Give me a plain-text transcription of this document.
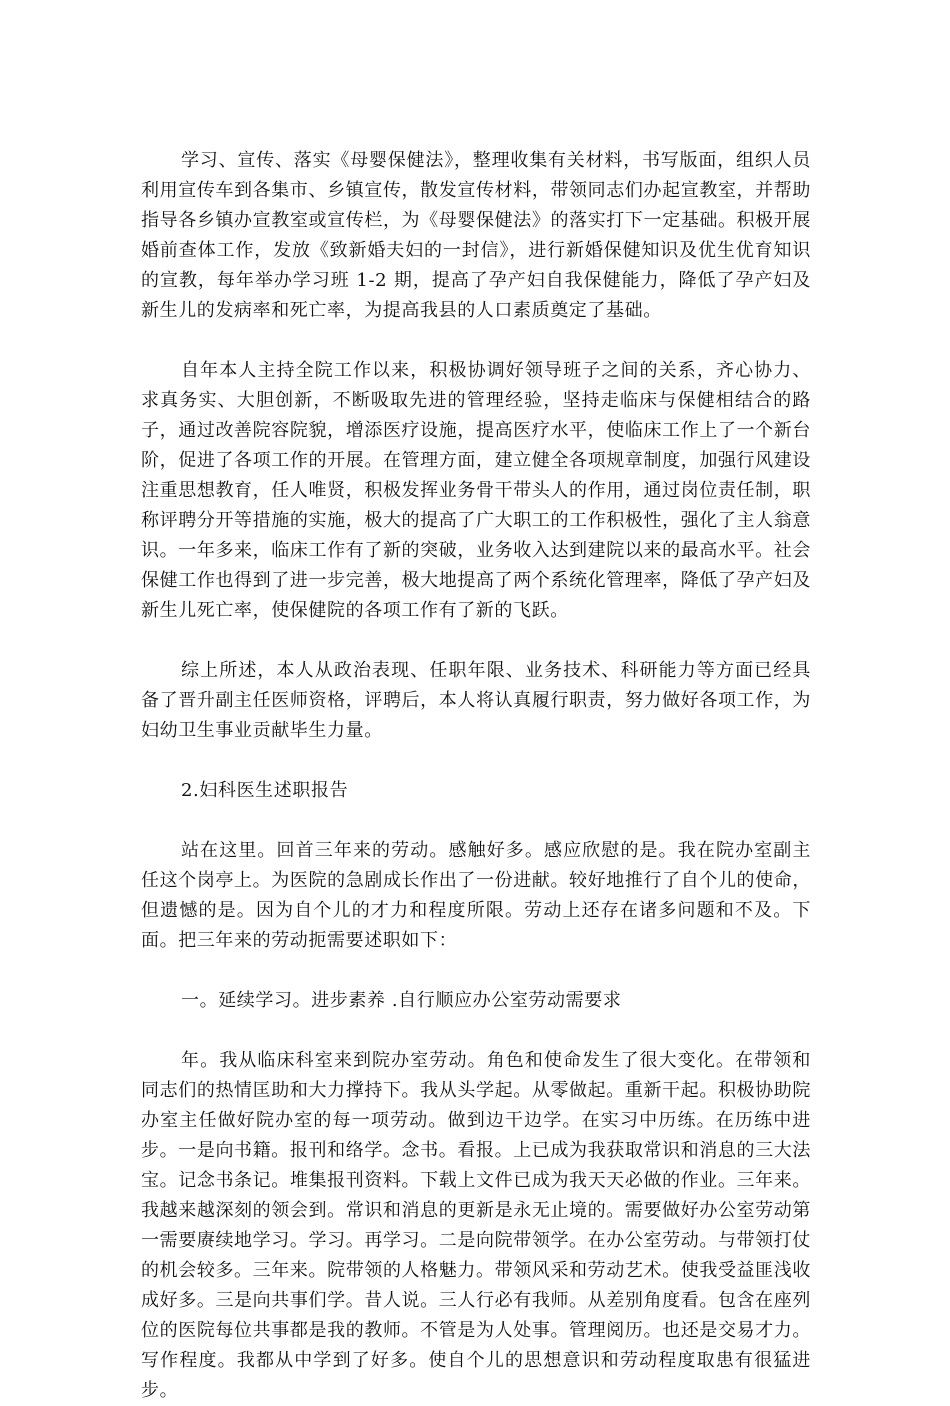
学习、宣传、落实《母婴保健法》，整理收集有关材料，书写版面，组织人员利用宣传车到各集市、乡镇宣传，散发宣传材料，带领同志们办起宣教室，并帮助指导各乡镇办宣教室或宣传栏，为《母婴保健法》的落实打下一定基础。积极开展婚前查体工作，发放《致新婚夫妇的一封信》，进行新婚保健知识及优生优育知识的宣教，每年举办学习班 1-2 期，提高了孕产妇自我保健能力，降低了孕产妇及新生儿的发病率和死亡率，为提高我县的人口素质奠定了基础。

自年本人主持全院工作以来，积极协调好领导班子之间的关系，齐心协力、求真务实、大胆创新，不断吸取先进的管理经验，坚持走临床与保健相结合的路子，通过改善院容院貌，增添医疗设施，提高医疗水平，使临床工作上了一个新台阶，促进了各项工作的开展。在管理方面，建立健全各项规章制度，加强行风建设注重思想教育，任人唯贤，积极发挥业务骨干带头人的作用，通过岗位责任制，职称评聘分开等措施的实施，极大的提高了广大职工的工作积极性，强化了主人翁意识。一年多来，临床工作有了新的突破，业务收入达到建院以来的最高水平。社会保健工作也得到了进一步完善，极大地提高了两个系统化管理率，降低了孕产妇及新生儿死亡率，使保健院的各项工作有了新的飞跃。

综上所述，本人从政治表现、任职年限、业务技术、科研能力等方面已经具备了晋升副主任医师资格，评聘后，本人将认真履行职责，努力做好各项工作，为妇幼卫生事业贡献毕生力量。

2.妇科医生述职报告

站在这里。回首三年来的劳动。感触好多。感应欣慰的是。我在院办室副主任这个岗亭上。为医院的急剧成长作出了一份进献。较好地推行了自个儿的使命，但遗憾的是。因为自个儿的才力和程度所限。劳动上还存在诸多问题和不及。下面。把三年来的劳动扼需要述职如下：

一。延续学习。进步素养 .自行顺应办公室劳动需要求

年。我从临床科室来到院办室劳动。角色和使命发生了很大变化。在带领和同志们的热情匡助和大力撑持下。我从头学起。从零做起。重新干起。积极协助院办室主任做好院办室的每一项劳动。做到边干边学。在实习中历练。在历练中进步。一是向书籍。报刊和络学。念书。看报。上已成为我获取常识和消息的三大法宝。记念书条记。堆集报刊资料。下载上文件已成为我天天必做的作业。三年来。我越来越深刻的领会到。常识和消息的更新是永无止境的。需要做好办公室劳动第一需要赓续地学习。学习。再学习。二是向院带领学。在办公室劳动。与带领打仗的机会较多。三年来。院带领的人格魅力。带领风采和劳动艺术。使我受益匪浅收成好多。三是向共事们学。昔人说。三人行必有我师。从差别角度看。包含在座列位的医院每位共事都是我的教师。不管是为人处事。管理阅历。也还是交易才力。写作程度。我都从中学到了好多。使自个儿的思想意识和劳动程度取患有很猛进步。
